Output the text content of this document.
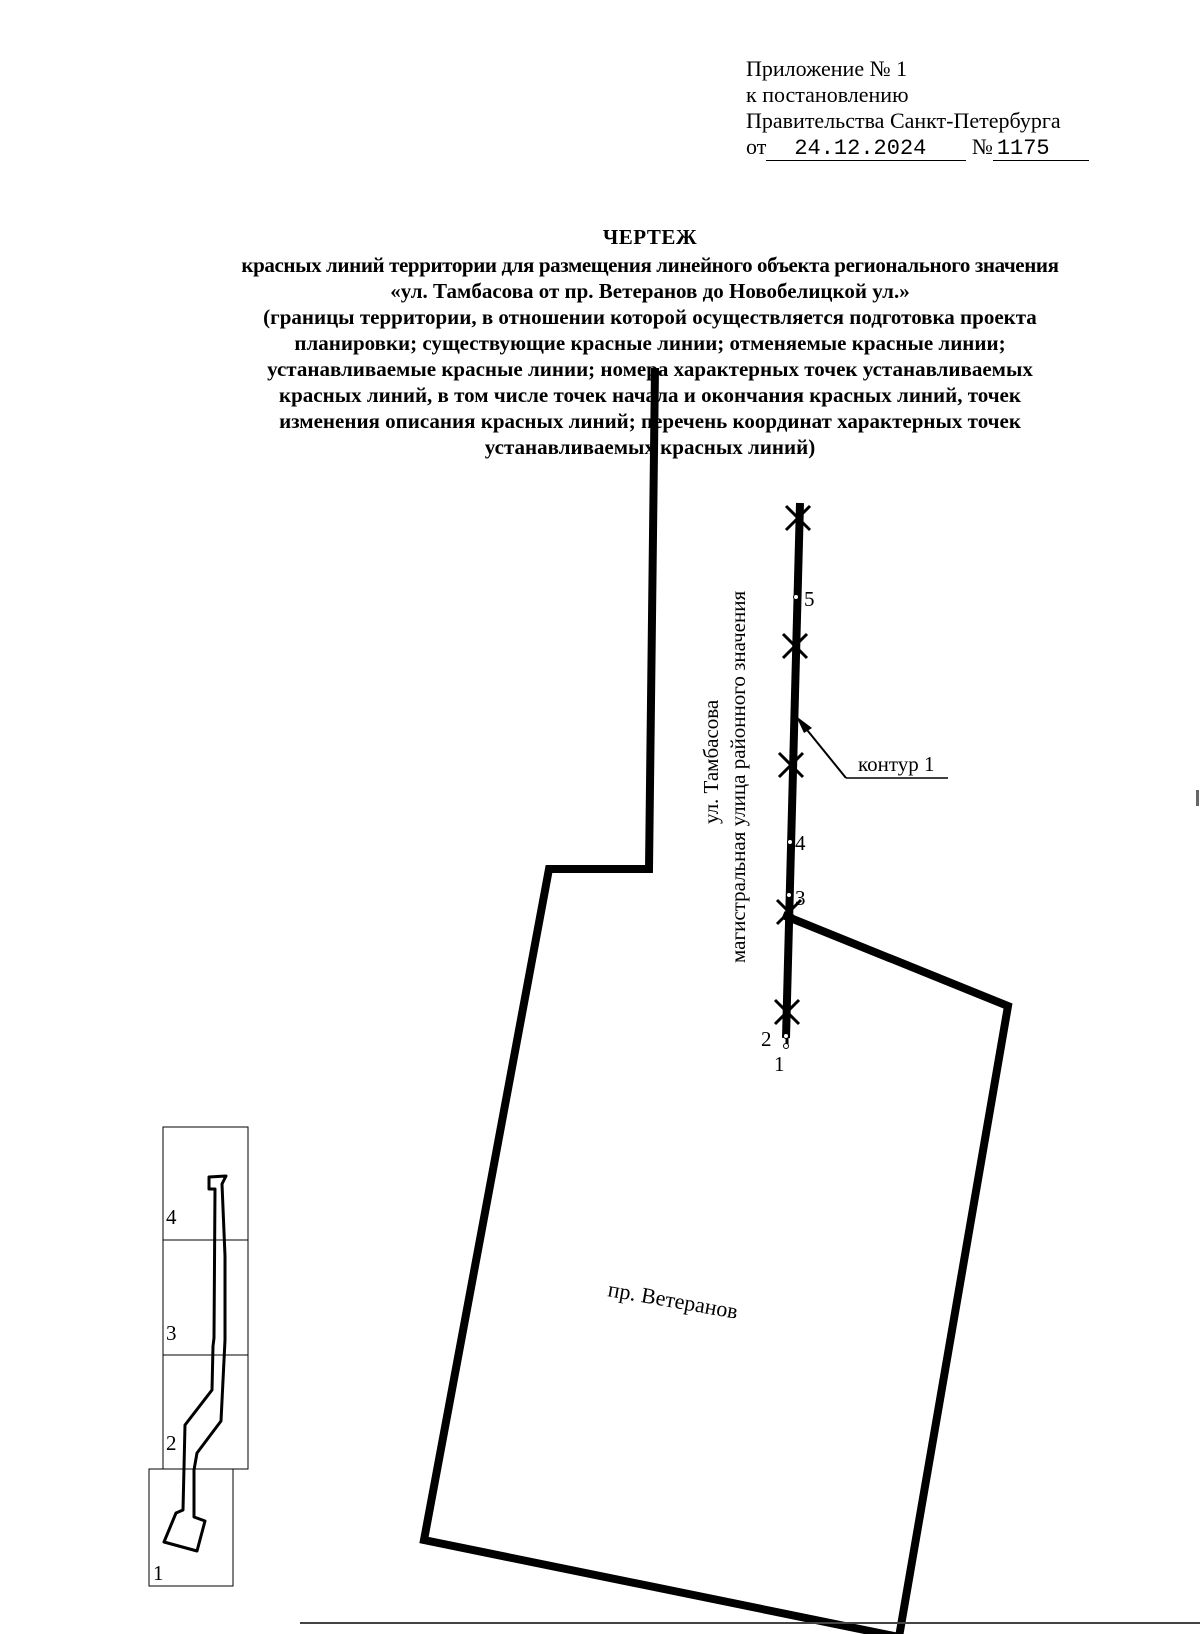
Приложение № 1
к постановлению
Правительства Санкт-Петербурга
от 24.12.2024 № 1175
ЧЕРТЕЖ
красных линий территории для размещения линейного объекта регионального значения
«ул. Тамбасова от пр. Ветеранов до Новобелицкой ул.»
(границы территории, в отношении которой осуществляется подготовка проекта
планировки; существующие красные линии; отменяемые красные линии;
устанавливаемые красные линии; номера характерных точек устанавливаемых
красных линий, в том числе точек начала и окончания красных линий, точек
изменения описания красных линий; перечень координат характерных точек
устанавливаемых красных линий)
5
4
3
2
1
контур 1
ул. Тамбасова магистральная улица районного значения
пр. Ветеранов
4
3
2
1
